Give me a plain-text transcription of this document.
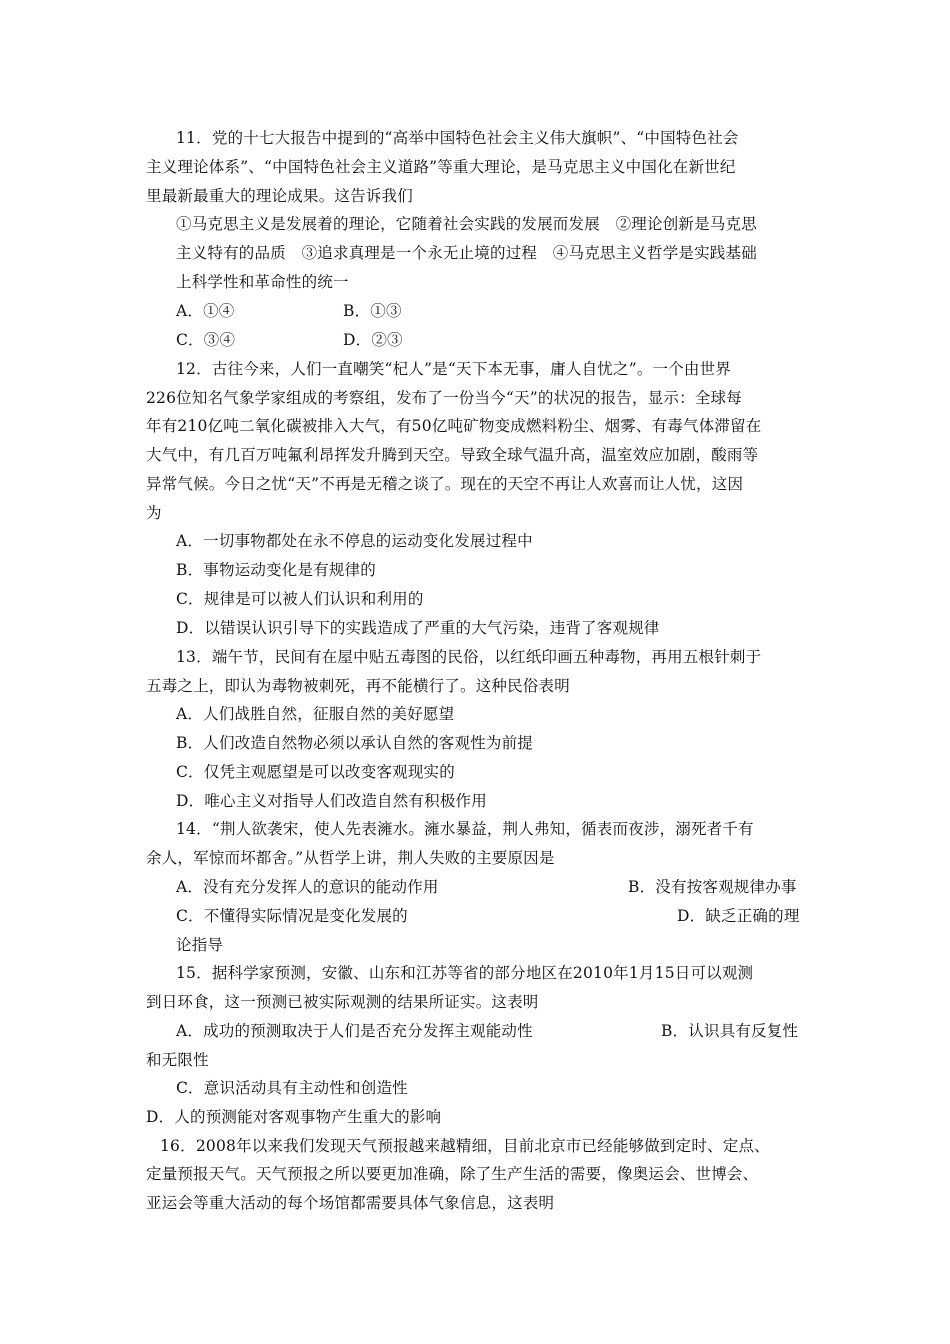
11．党的十七大报告中提到的“高举中国特色社会主义伟大旗帜”、“中国特色社会
主义理论体系”、“中国特色社会主义道路”等重大理论，是马克思主义中国化在新世纪
里最新最重大的理论成果。这告诉我们
①马克思主义是发展着的理论，它随着社会实践的发展而发展　②理论创新是马克思
主义特有的品质　③追求真理是一个永无止境的过程　④马克思主义哲学是实践基础
上科学性和革命性的统一
A．①④	B．①③
C．③④	D．②③
12．古往今来，人们一直嘲笑“杞人”是“天下本无事，庸人自忧之”。一个由世界
226位知名气象学家组成的考察组，发布了一份当今“天”的状况的报告，显示：全球每
年有210亿吨二氧化碳被排入大气，有50亿吨矿物变成燃料粉尘、烟雾、有毒气体滞留在
大气中，有几百万吨氟利昂挥发升腾到天空。导致全球气温升高，温室效应加剧，酸雨等
异常气候。今日之忧“天”不再是无稽之谈了。现在的天空不再让人欢喜而让人忧，这因
为
A．一切事物都处在永不停息的运动变化发展过程中
B．事物运动变化是有规律的
C．规律是可以被人们认识和利用的
D．以错误认识引导下的实践造成了严重的大气污染，违背了客观规律
13．端午节，民间有在屋中贴五毒图的民俗，以红纸印画五种毒物，再用五根针刺于
五毒之上，即认为毒物被刺死，再不能横行了。这种民俗表明
A．人们战胜自然，征服自然的美好愿望
B．人们改造自然物必须以承认自然的客观性为前提
C．仅凭主观愿望是可以改变客观现实的
D．唯心主义对指导人们改造自然有积极作用
14．“荆人欲袭宋，使人先表澭水。澭水暴益，荆人弗知，循表而夜涉，溺死者千有
余人，军惊而坏都舍。”从哲学上讲，荆人失败的主要原因是
A．没有充分发挥人的意识的能动作用	B．没有按客观规律办事
C．不懂得实际情况是变化发展的	D．缺乏正确的理
论指导
15．据科学家预测，安徽、山东和江苏等省的部分地区在2010年1月15日可以观测
到日环食，这一预测已被实际观测的结果所证实。这表明
A．成功的预测取决于人们是否充分发挥主观能动性	B．认识具有反复性
和无限性
C．意识活动具有主动性和创造性
D．人的预测能对客观事物产生重大的影响
16．2008年以来我们发现天气预报越来越精细，目前北京市已经能够做到定时、定点、
定量预报天气。天气预报之所以要更加准确，除了生产生活的需要，像奥运会、世博会、
亚运会等重大活动的每个场馆都需要具体气象信息，这表明
